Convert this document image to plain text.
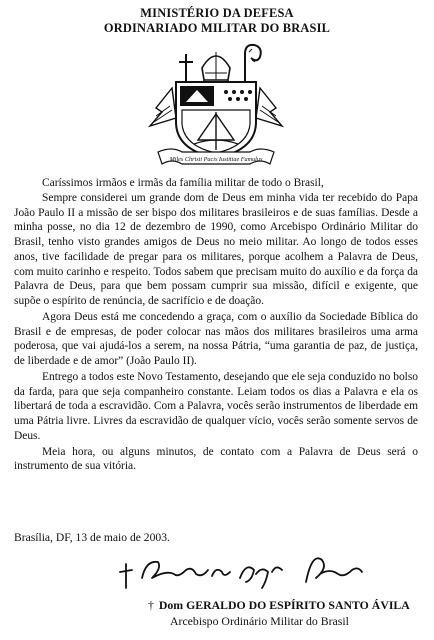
MINISTÉRIO DA DEFESA
ORDINARIADO MILITAR DO BRASIL
Miles Christi Pacis Iustitiae Famulus

Caríssimos irmãos e irmãs da família militar de todo o Brasil,

Sempre considerei um grande dom de Deus em minha vida ter recebido do Papa João Paulo II a missão de ser bispo dos militares brasileiros e de suas famílias. Desde a minha posse, no dia 12 de dezembro de 1990, como Arcebispo Ordinário Militar do Brasil, tenho visto grandes amigos de Deus no meio militar. Ao longo de todos esses anos, tive facilidade de pregar para os militares, porque acolhem a Palavra de Deus, com muito carinho e respeito. Todos sabem que precisam muito do auxílio e da força da Palavra de Deus, para que bem possam cumprir sua missão, difícil e exigente, que supõe o espírito de renúncia, de sacrifício e de doação.

Agora Deus está me concedendo a graça, com o auxílio da Sociedade Bíblica do Brasil e de empresas, de poder colocar nas mãos dos militares brasileiros uma arma poderosa, que vai ajudá-los a serem, na nossa Pátria, “uma garantia de paz, de justiça, de liberdade e de amor” (João Paulo II).

Entrego a todos este Novo Testamento, desejando que ele seja conduzido no bolso da farda, para que seja companheiro constante. Leiam todos os dias a Palavra e ela os libertará de toda a escravidão. Com a Palavra, vocês serão instrumentos de liberdade em uma Pátria livre. Livres da escravidão de qualquer vício, vocês serão somente servos de Deus.

Meia hora, ou alguns minutos, de contato com a Palavra de Deus será o instrumento de sua vitória.

Brasília, DF, 13 de maio de 2003.
† Dom GERALDO DO ESPÍRITO SANTO ÁVILA
Arcebispo Ordinário Militar do Brasil
